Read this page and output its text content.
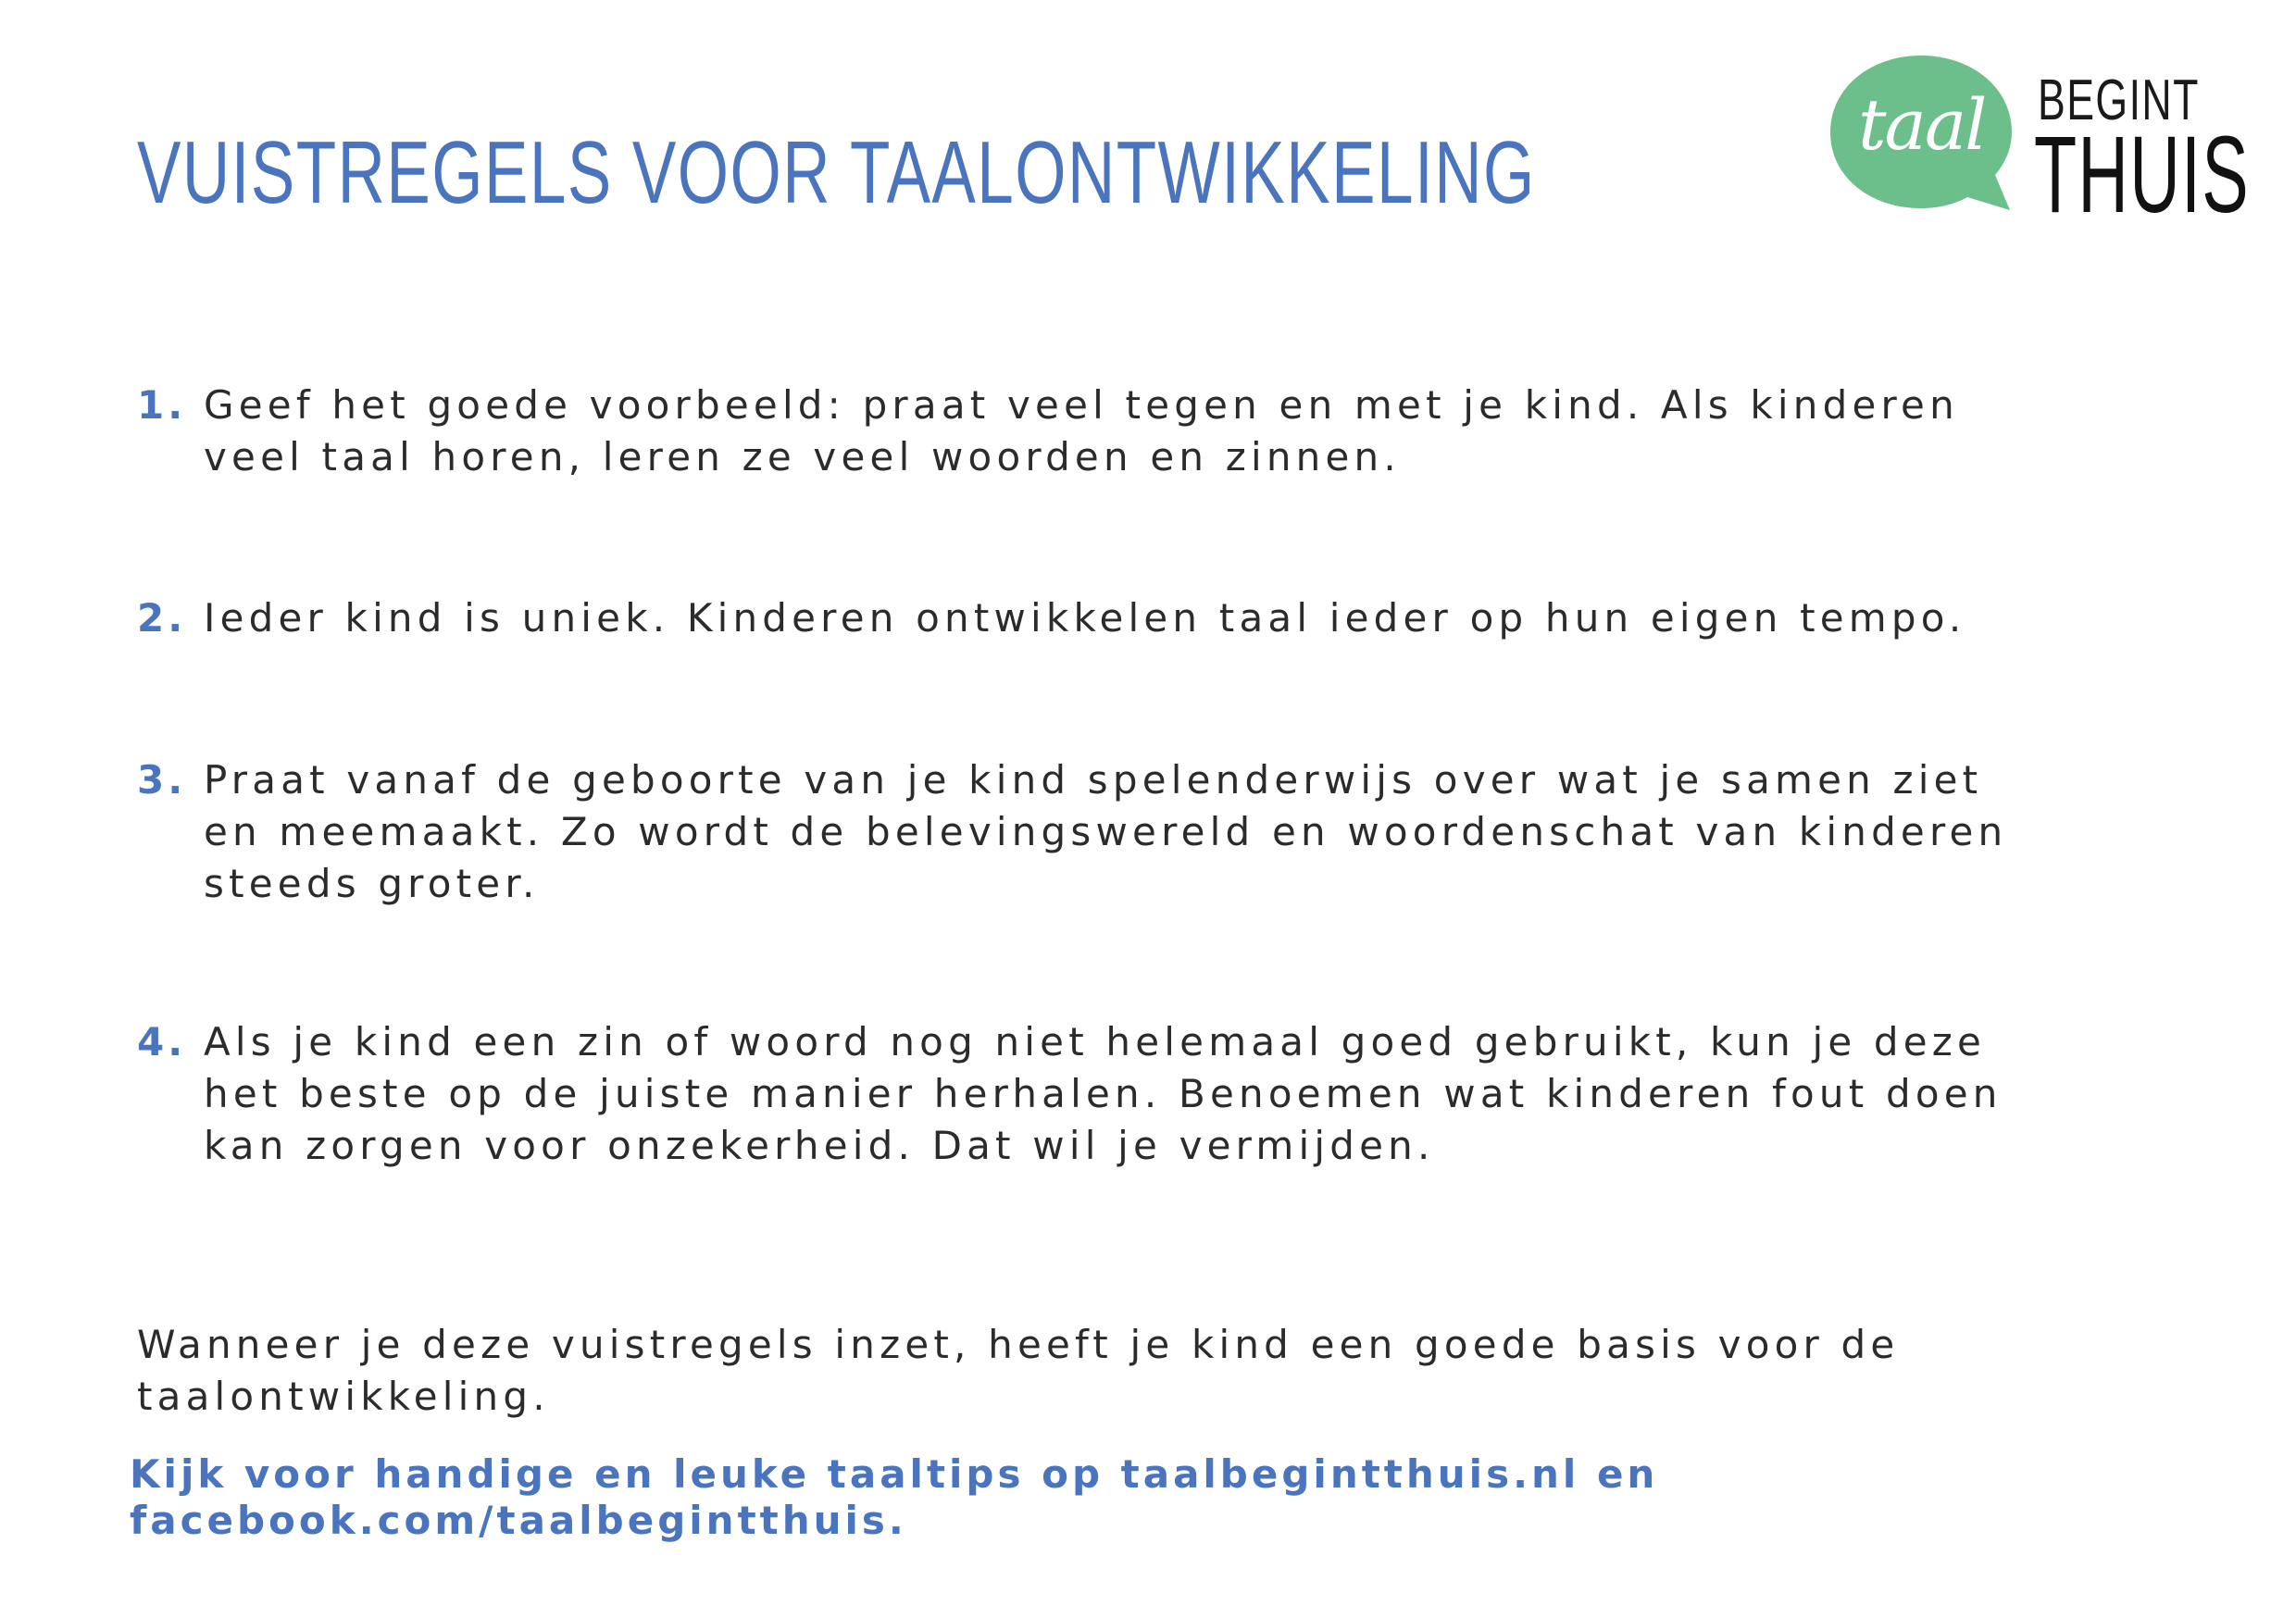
VUISTREGELS VOOR TAALONTWIKKELING	taal BEGINT
THUIS
1. Geef het goede voorbeeld: praat veel tegen en met je kind. Als kinderen veel taal horen, leren ze veel woorden en zinnen.

2. Ieder kind is uniek. Kinderen ontwikkelen taal ieder op hun eigen tempo.

3. Praat vanaf de geboorte van je kind spelenderwijs over wat je samen ziet en meemaakt. Zo wordt de belevingswereld en woordenschat van kinderen steeds groter.

4. Als je kind een zin of woord nog niet helemaal goed gebruikt, kun je deze het beste op de juiste manier herhalen. Benoemen wat kinderen fout doen kan zorgen voor onzekerheid. Dat wil je vermijden.

Wanneer je deze vuistregels inzet, heeft je kind een goede basis voor de taalontwikkeling.

Kijk voor handige en leuke taaltips op taalbegintthuis.nl en facebook.com/taalbegintthuis.
